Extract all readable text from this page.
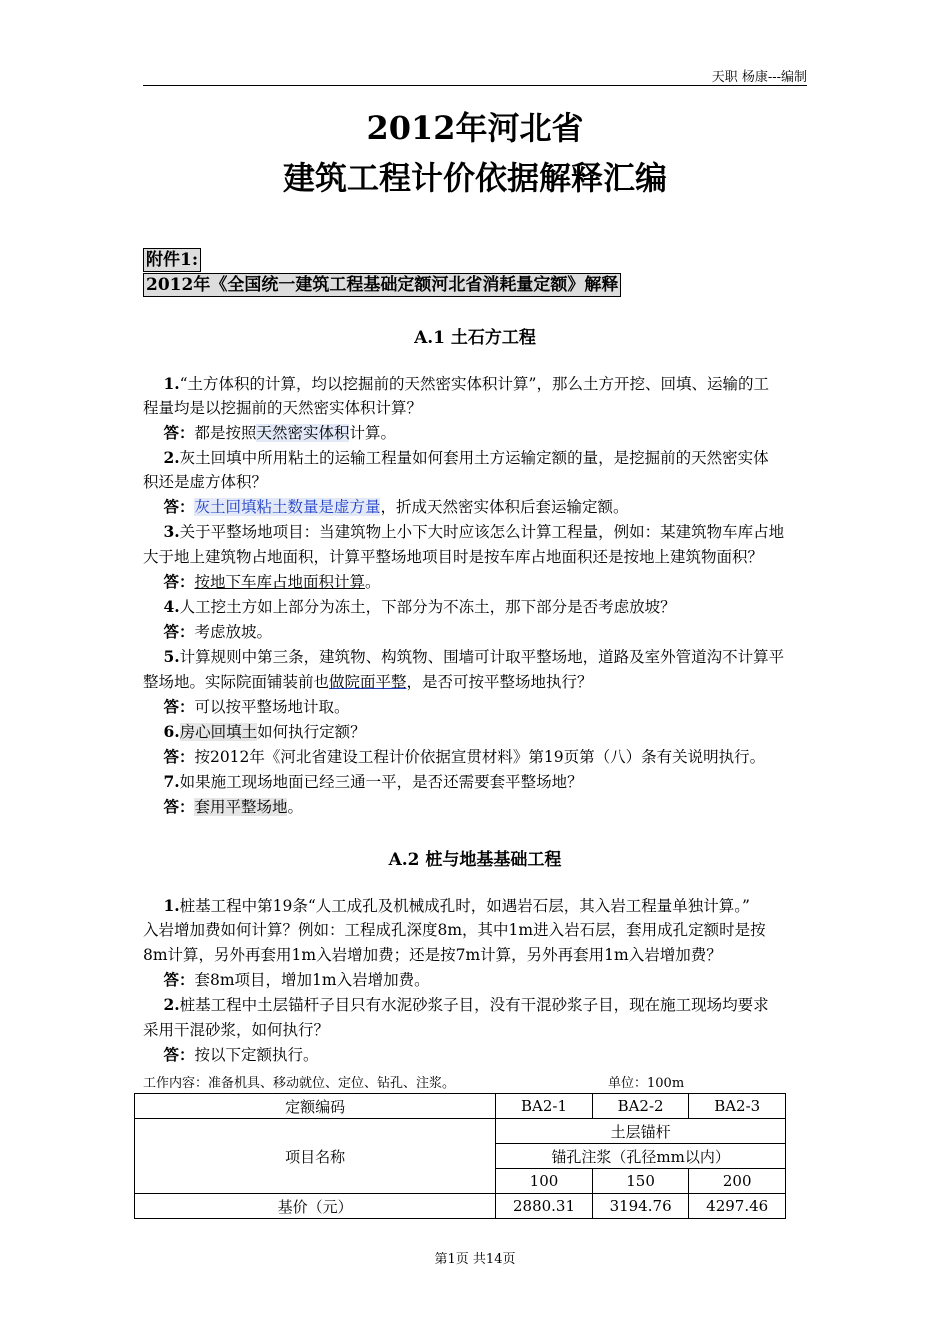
天职 杨康---编制
2012年河北省
建筑工程计价依据解释汇编
附件1:
2012年《全国统一建筑工程基础定额河北省消耗量定额》解释
A.1 土石方工程
  1.“土方体积的计算，均以挖掘前的天然密实体积计算”，那么土方开挖、回填、运输的工
程量均是以挖掘前的天然密实体积计算？
  答：都是按照天然密实体积计算。
  2.灰土回填中所用粘土的运输工程量如何套用土方运输定额的量，是挖掘前的天然密实体
积还是虚方体积？
  答：灰土回填粘土数量是虚方量，折成天然密实体积后套运输定额。
  3.关于平整场地项目：当建筑物上小下大时应该怎么计算工程量，例如：某建筑物车库占地
大于地上建筑物占地面积，计算平整场地项目时是按车库占地面积还是按地上建筑物面积？
  答：按地下车库占地面积计算。
  4.人工挖土方如上部分为冻土，下部分为不冻土，那下部分是否考虑放坡？
  答：考虑放坡。
  5.计算规则中第三条，建筑物、构筑物、围墙可计取平整场地，道路及室外管道沟不计算平
整场地。实际院面铺装前也做院面平整，是否可按平整场地执行？
  答：可以按平整场地计取。
  6.房心回填土如何执行定额？
  答：按2012年《河北省建设工程计价依据宣贯材料》第19页第（八）条有关说明执行。
  7.如果施工现场地面已经三通一平，是否还需要套平整场地？
  答：套用平整场地。
A.2 桩与地基基础工程
  1.桩基工程中第19条“人工成孔及机械成孔时，如遇岩石层，其入岩工程量单独计算。”
入岩增加费如何计算？例如：工程成孔深度8m，其中1m进入岩石层，套用成孔定额时是按
8m计算，另外再套用1m入岩增加费；还是按7m计算，另外再套用1m入岩增加费？
  答：套8m项目，增加1m入岩增加费。
  2.桩基工程中土层锚杆子目只有水泥砂浆子目，没有干混砂浆子目，现在施工现场均要求
采用干混砂浆，如何执行？
  答：按以下定额执行。
工作内容：准备机具、移动就位、定位、钻孔、注浆。	单位：100m
定额编码	BA2-1	BA2-2	BA2-3
项目名称	土层锚杆		
	锚孔注浆（孔径mm以内）		
	100	150	200
基价（元）	2880.31	3194.76	4297.46
第1页 共14页
